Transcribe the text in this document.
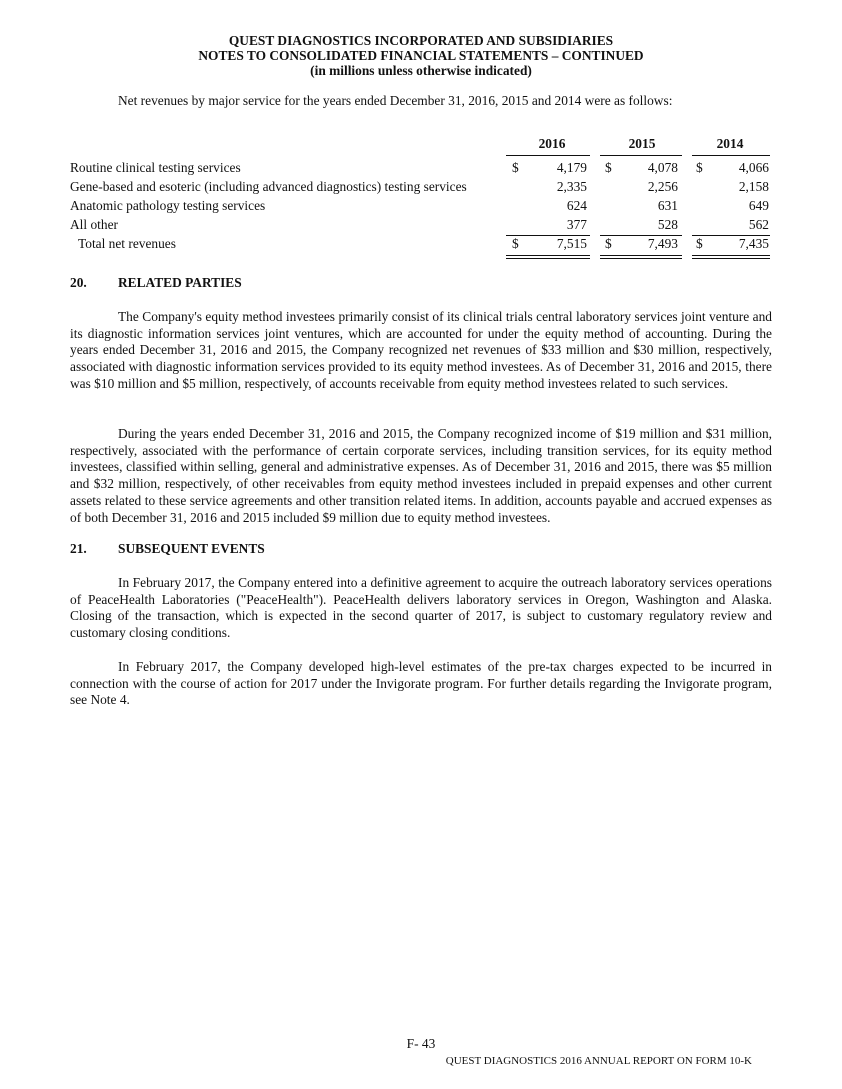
QUEST DIAGNOSTICS INCORPORATED AND SUBSIDIARIES
NOTES TO CONSOLIDATED FINANCIAL STATEMENTS – CONTINUED
(in millions unless otherwise indicated)
Net revenues by major service for the years ended December 31, 2016, 2015 and 2014 were as follows:
2016	2015	2014
Routine clinical testing services	$	4,179 $	4,078 $	4,066
Gene-based and esoteric (including advanced diagnostics) testing services	2,335	2,256	2,158
Anatomic pathology testing services	624	631	649
All other	377	528	562
Total net revenues	$	7,515 $	7,493 $	7,435
20. RELATED PARTIES
The Company's equity method investees primarily consist of its clinical trials central laboratory services joint venture and its diagnostic information services joint ventures, which are accounted for under the equity method of accounting. During the years ended December 31, 2016 and 2015, the Company recognized net revenues of $33 million and $30 million, respectively, associated with diagnostic information services provided to its equity method investees. As of December 31, 2016 and 2015, there was $10 million and $5 million, respectively, of accounts receivable from equity method investees related to such services.
During the years ended December 31, 2016 and 2015, the Company recognized income of $19 million and $31 million, respectively, associated with the performance of certain corporate services, including transition services, for its equity method investees, classified within selling, general and administrative expenses. As of December 31, 2016 and 2015, there was $5 million and $32 million, respectively, of other receivables from equity method investees included in prepaid expenses and other current assets related to these service agreements and other transition related items. In addition, accounts payable and accrued expenses as of both December 31, 2016 and 2015 included $9 million due to equity method investees.
21. SUBSEQUENT EVENTS
In February 2017, the Company entered into a definitive agreement to acquire the outreach laboratory services operations of PeaceHealth Laboratories ("PeaceHealth"). PeaceHealth delivers laboratory services in Oregon, Washington and Alaska. Closing of the transaction, which is expected in the second quarter of 2017, is subject to customary regulatory review and customary closing conditions.
In February 2017, the Company developed high-level estimates of the pre-tax charges expected to be incurred in connection with the course of action for 2017 under the Invigorate program. For further details regarding the Invigorate program, see Note 4.
F- 43
QUEST DIAGNOSTICS 2016 ANNUAL REPORT ON FORM 10-K
